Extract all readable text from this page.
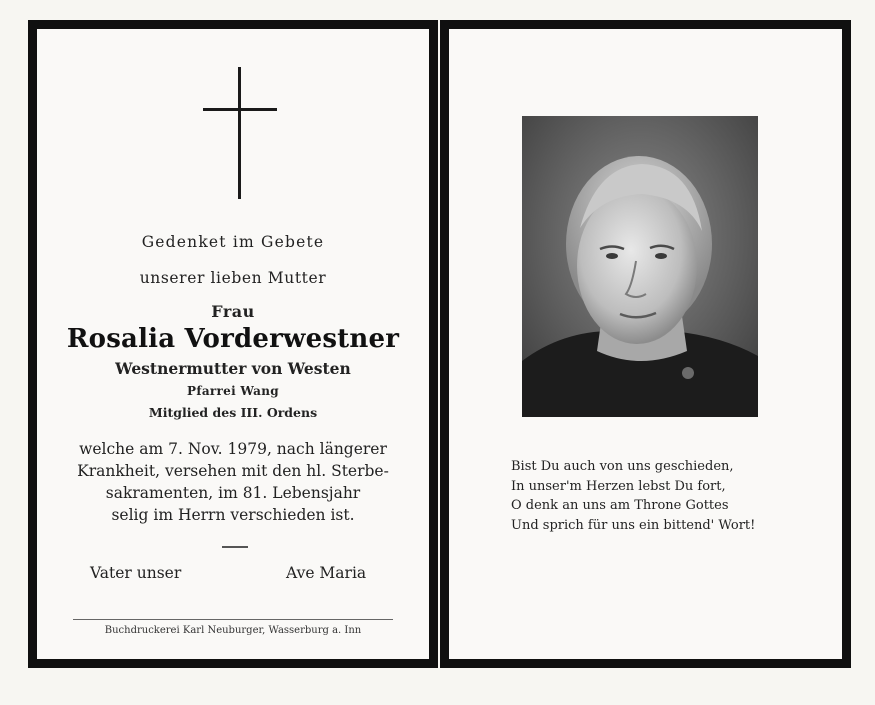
Gedenket im Gebete
unserer lieben Mutter
Frau
Rosalia Vorderwestner
Westnermutter von Westen
Pfarrei Wang
Mitglied des III. Ordens
welche am 7. Nov. 1979, nach längerer
Krankheit, versehen mit den hl. Sterbe-
sakramenten, im 81. Lebensjahr
selig im Herrn verschieden ist.
Vater unser	Ave Maria
Buchdruckerei Karl Neuburger, Wasserburg a. Inn
Bist Du auch von uns geschieden,
In unser'm Herzen lebst Du fort,
O denk an uns am Throne Gottes
Und sprich für uns ein bittend' Wort!
